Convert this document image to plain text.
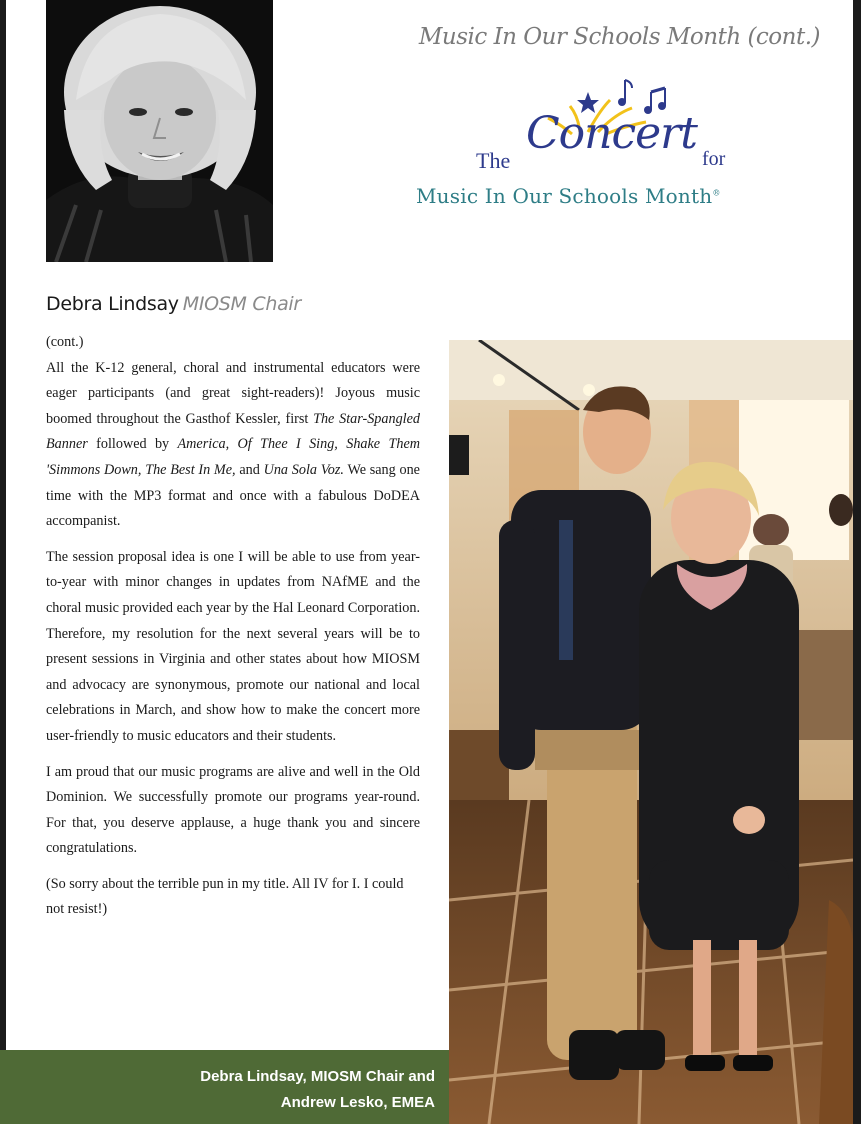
Music In Our Schools Month (cont.)
The
Concert for
Music In Our Schools Month®
Debra Lindsay MIOSM Chair

(cont.)

All the K-12 general, choral and instrumental educators were eager participants (and great sight-readers)! Joyous music boomed throughout the Gasthof Kessler, first The Star-Spangled Banner followed by America, Of Thee I Sing, Shake Them 'Simmons Down, The Best In Me, and Una Sola Voz. We sang one time with the MP3 format and once with a fabulous DoDEA accompanist.

The session proposal idea is one I will be able to use from year-to-year with minor changes in updates from NAfME and the choral music provided each year by the Hal Leonard Corporation. Therefore, my resolution for the next several years will be to present sessions in Virginia and other states about how MIOSM and advocacy are synonymous, promote our national and local celebrations in March, and show how to make the concert more user-friendly to music educators and their students.

I am proud that our music programs are alive and well in the Old Dominion. We successfully promote our programs year-round. For that, you deserve applause, a huge thank you and sincere congratulations.

(So sorry about the terrible pun in my title. All IV for I. I could not resist!)

Debra Lindsay, MIOSM Chair and
Andrew Lesko, EMEA
